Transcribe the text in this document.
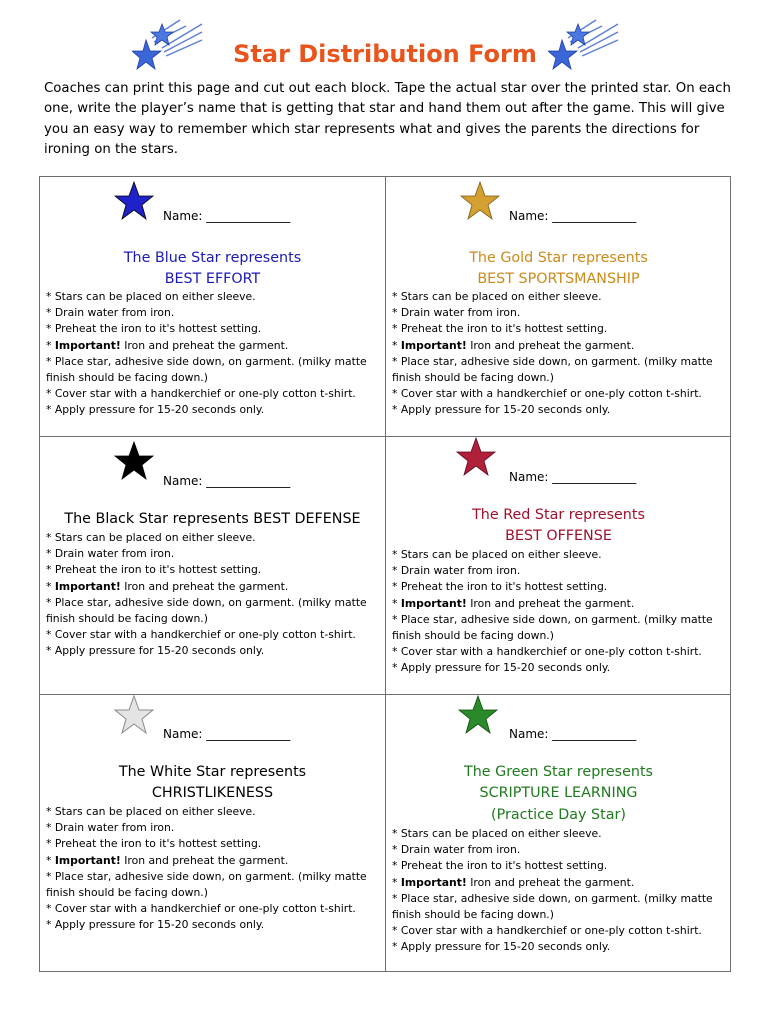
Star Distribution Form
Coaches can print this page and cut out each block. Tape the actual star over the printed star. On each one, write the player’s name that is getting that star and hand them out after the game. This will give you an easy way to remember which star represents what and gives the parents the directions for ironing on the stars.
Name: ______________
The Blue Star represents
BEST EFFORT
* Stars can be placed on either sleeve.
* Drain water from iron.
* Preheat the iron to it's hottest setting.
* Important! Iron and preheat the garment.
* Place star, adhesive side down, on garment. (milky matte finish should be facing down.)
* Cover star with a handkerchief or one-ply cotton t-shirt.
* Apply pressure for 15-20 seconds only.
Name: ______________
The Gold Star represents
BEST SPORTSMANSHIP
* Stars can be placed on either sleeve.
* Drain water from iron.
* Preheat the iron to it's hottest setting.
* Important! Iron and preheat the garment.
* Place star, adhesive side down, on garment. (milky matte finish should be facing down.)
* Cover star with a handkerchief or one-ply cotton t-shirt.
* Apply pressure for 15-20 seconds only.
Name: ______________
The Black Star represents BEST DEFENSE
* Stars can be placed on either sleeve.
* Drain water from iron.
* Preheat the iron to it's hottest setting.
* Important! Iron and preheat the garment.
* Place star, adhesive side down, on garment. (milky matte finish should be facing down.)
* Cover star with a handkerchief or one-ply cotton t-shirt.
* Apply pressure for 15-20 seconds only.
Name: ______________
The Red Star represents
BEST OFFENSE
* Stars can be placed on either sleeve.
* Drain water from iron.
* Preheat the iron to it's hottest setting.
* Important! Iron and preheat the garment.
* Place star, adhesive side down, on garment. (milky matte finish should be facing down.)
* Cover star with a handkerchief or one-ply cotton t-shirt.
* Apply pressure for 15-20 seconds only.
Name: ______________
The White Star represents
CHRISTLIKENESS
* Stars can be placed on either sleeve.
* Drain water from iron.
* Preheat the iron to it's hottest setting.
* Important! Iron and preheat the garment.
* Place star, adhesive side down, on garment. (milky matte finish should be facing down.)
* Cover star with a handkerchief or one-ply cotton t-shirt.
* Apply pressure for 15-20 seconds only.
Name: ______________
The Green Star represents
SCRIPTURE LEARNING
(Practice Day Star)
* Stars can be placed on either sleeve.
* Drain water from iron.
* Preheat the iron to it's hottest setting.
* Important! Iron and preheat the garment.
* Place star, adhesive side down, on garment. (milky matte finish should be facing down.)
* Cover star with a handkerchief or one-ply cotton t-shirt.
* Apply pressure for 15-20 seconds only.
